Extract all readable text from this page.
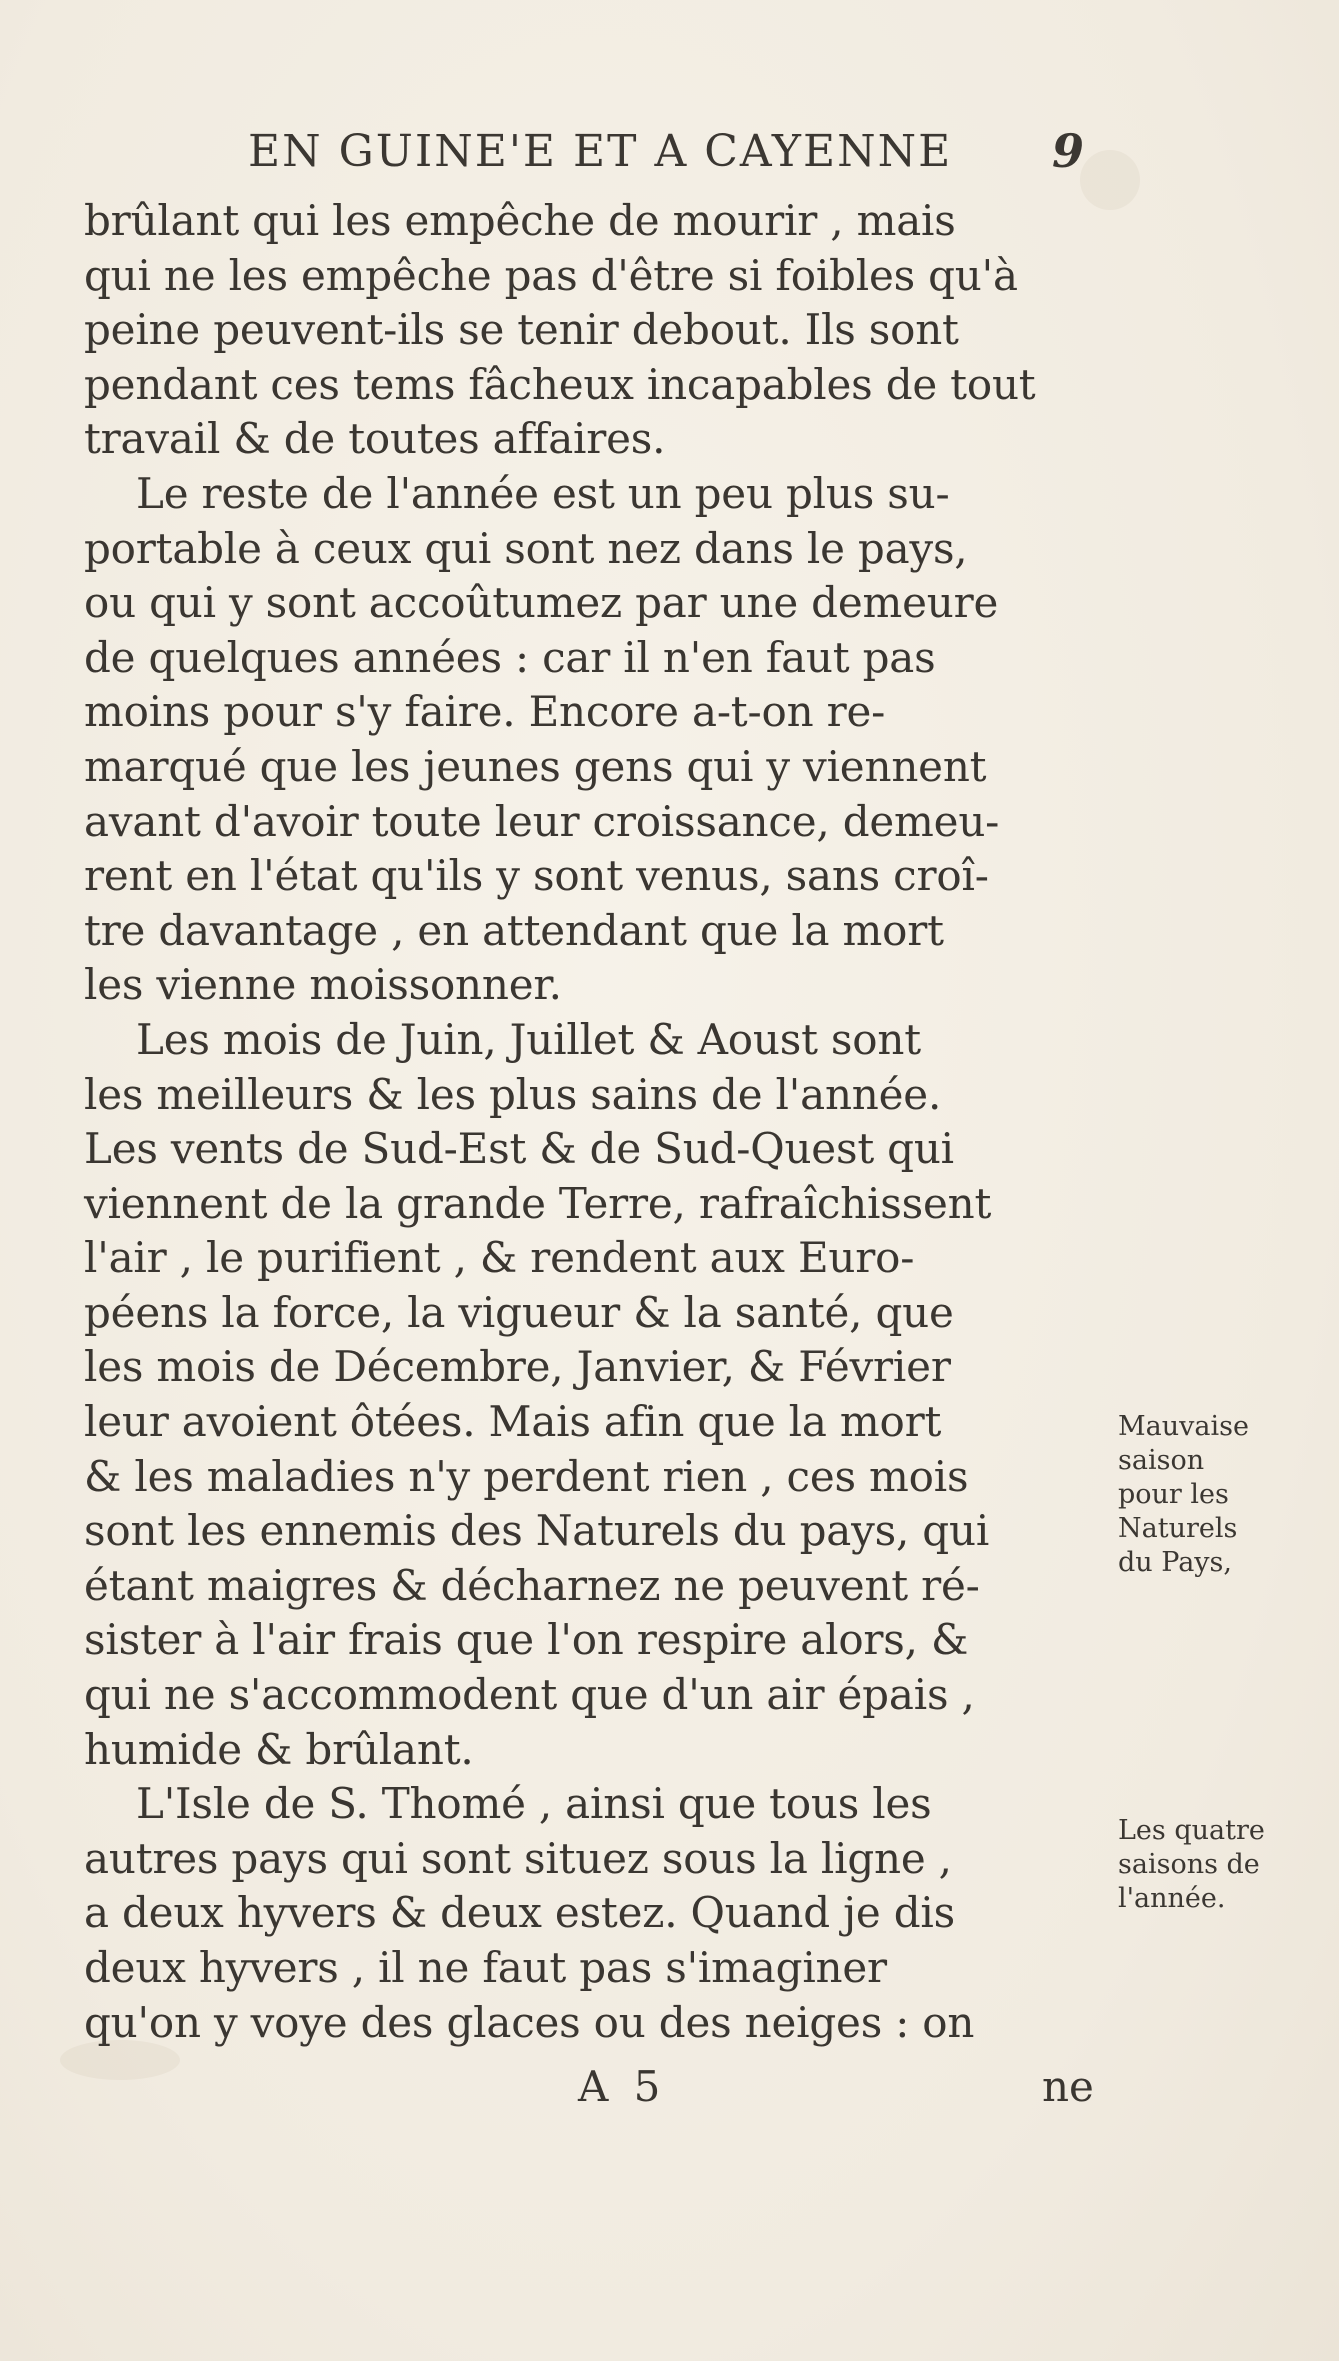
EN GUINE'E ET A CAYENNE 9
brûlant qui les empêche de mourir , mais
qui ne les empêche pas d'être si foibles qu'à
peine peuvent-ils se tenir debout. Ils sont
pendant ces tems fâcheux incapables de tout
travail & de toutes affaires.
Le reste de l'année est un peu plus su-
portable à ceux qui sont nez dans le pays,
ou qui y sont accoûtumez par une demeure
de quelques années : car il n'en faut pas
moins pour s'y faire. Encore a-t-on re-
marqué que les jeunes gens qui y viennent
avant d'avoir toute leur croissance, demeu-
rent en l'état qu'ils y sont venus, sans croî-
tre davantage , en attendant que la mort
les vienne moissonner.
Les mois de Juin, Juillet & Aoust sont
les meilleurs & les plus sains de l'année.
Les vents de Sud-Est & de Sud-Quest qui
viennent de la grande Terre, rafraîchissent
l'air , le purifient , & rendent aux Euro-
péens la force, la vigueur & la santé, que
les mois de Décembre, Janvier, & Février
leur avoient ôtées. Mais afin que la mort
& les maladies n'y perdent rien , ces mois
sont les ennemis des Naturels du pays, qui
étant maigres & décharnez ne peuvent ré-
sister à l'air frais que l'on respire alors, &
qui ne s'accommodent que d'un air épais ,
humide & brûlant.
L'Isle de S. Thomé , ainsi que tous les
autres pays qui sont situez sous la ligne ,
a deux hyvers & deux estez. Quand je dis
deux hyvers , il ne faut pas s'imaginer
qu'on y voye des glaces ou des neiges : on
Mauvaise
saison
pour les
Naturels
du Pays,
Les quatre
saisons de
l'année.
A 5	ne
